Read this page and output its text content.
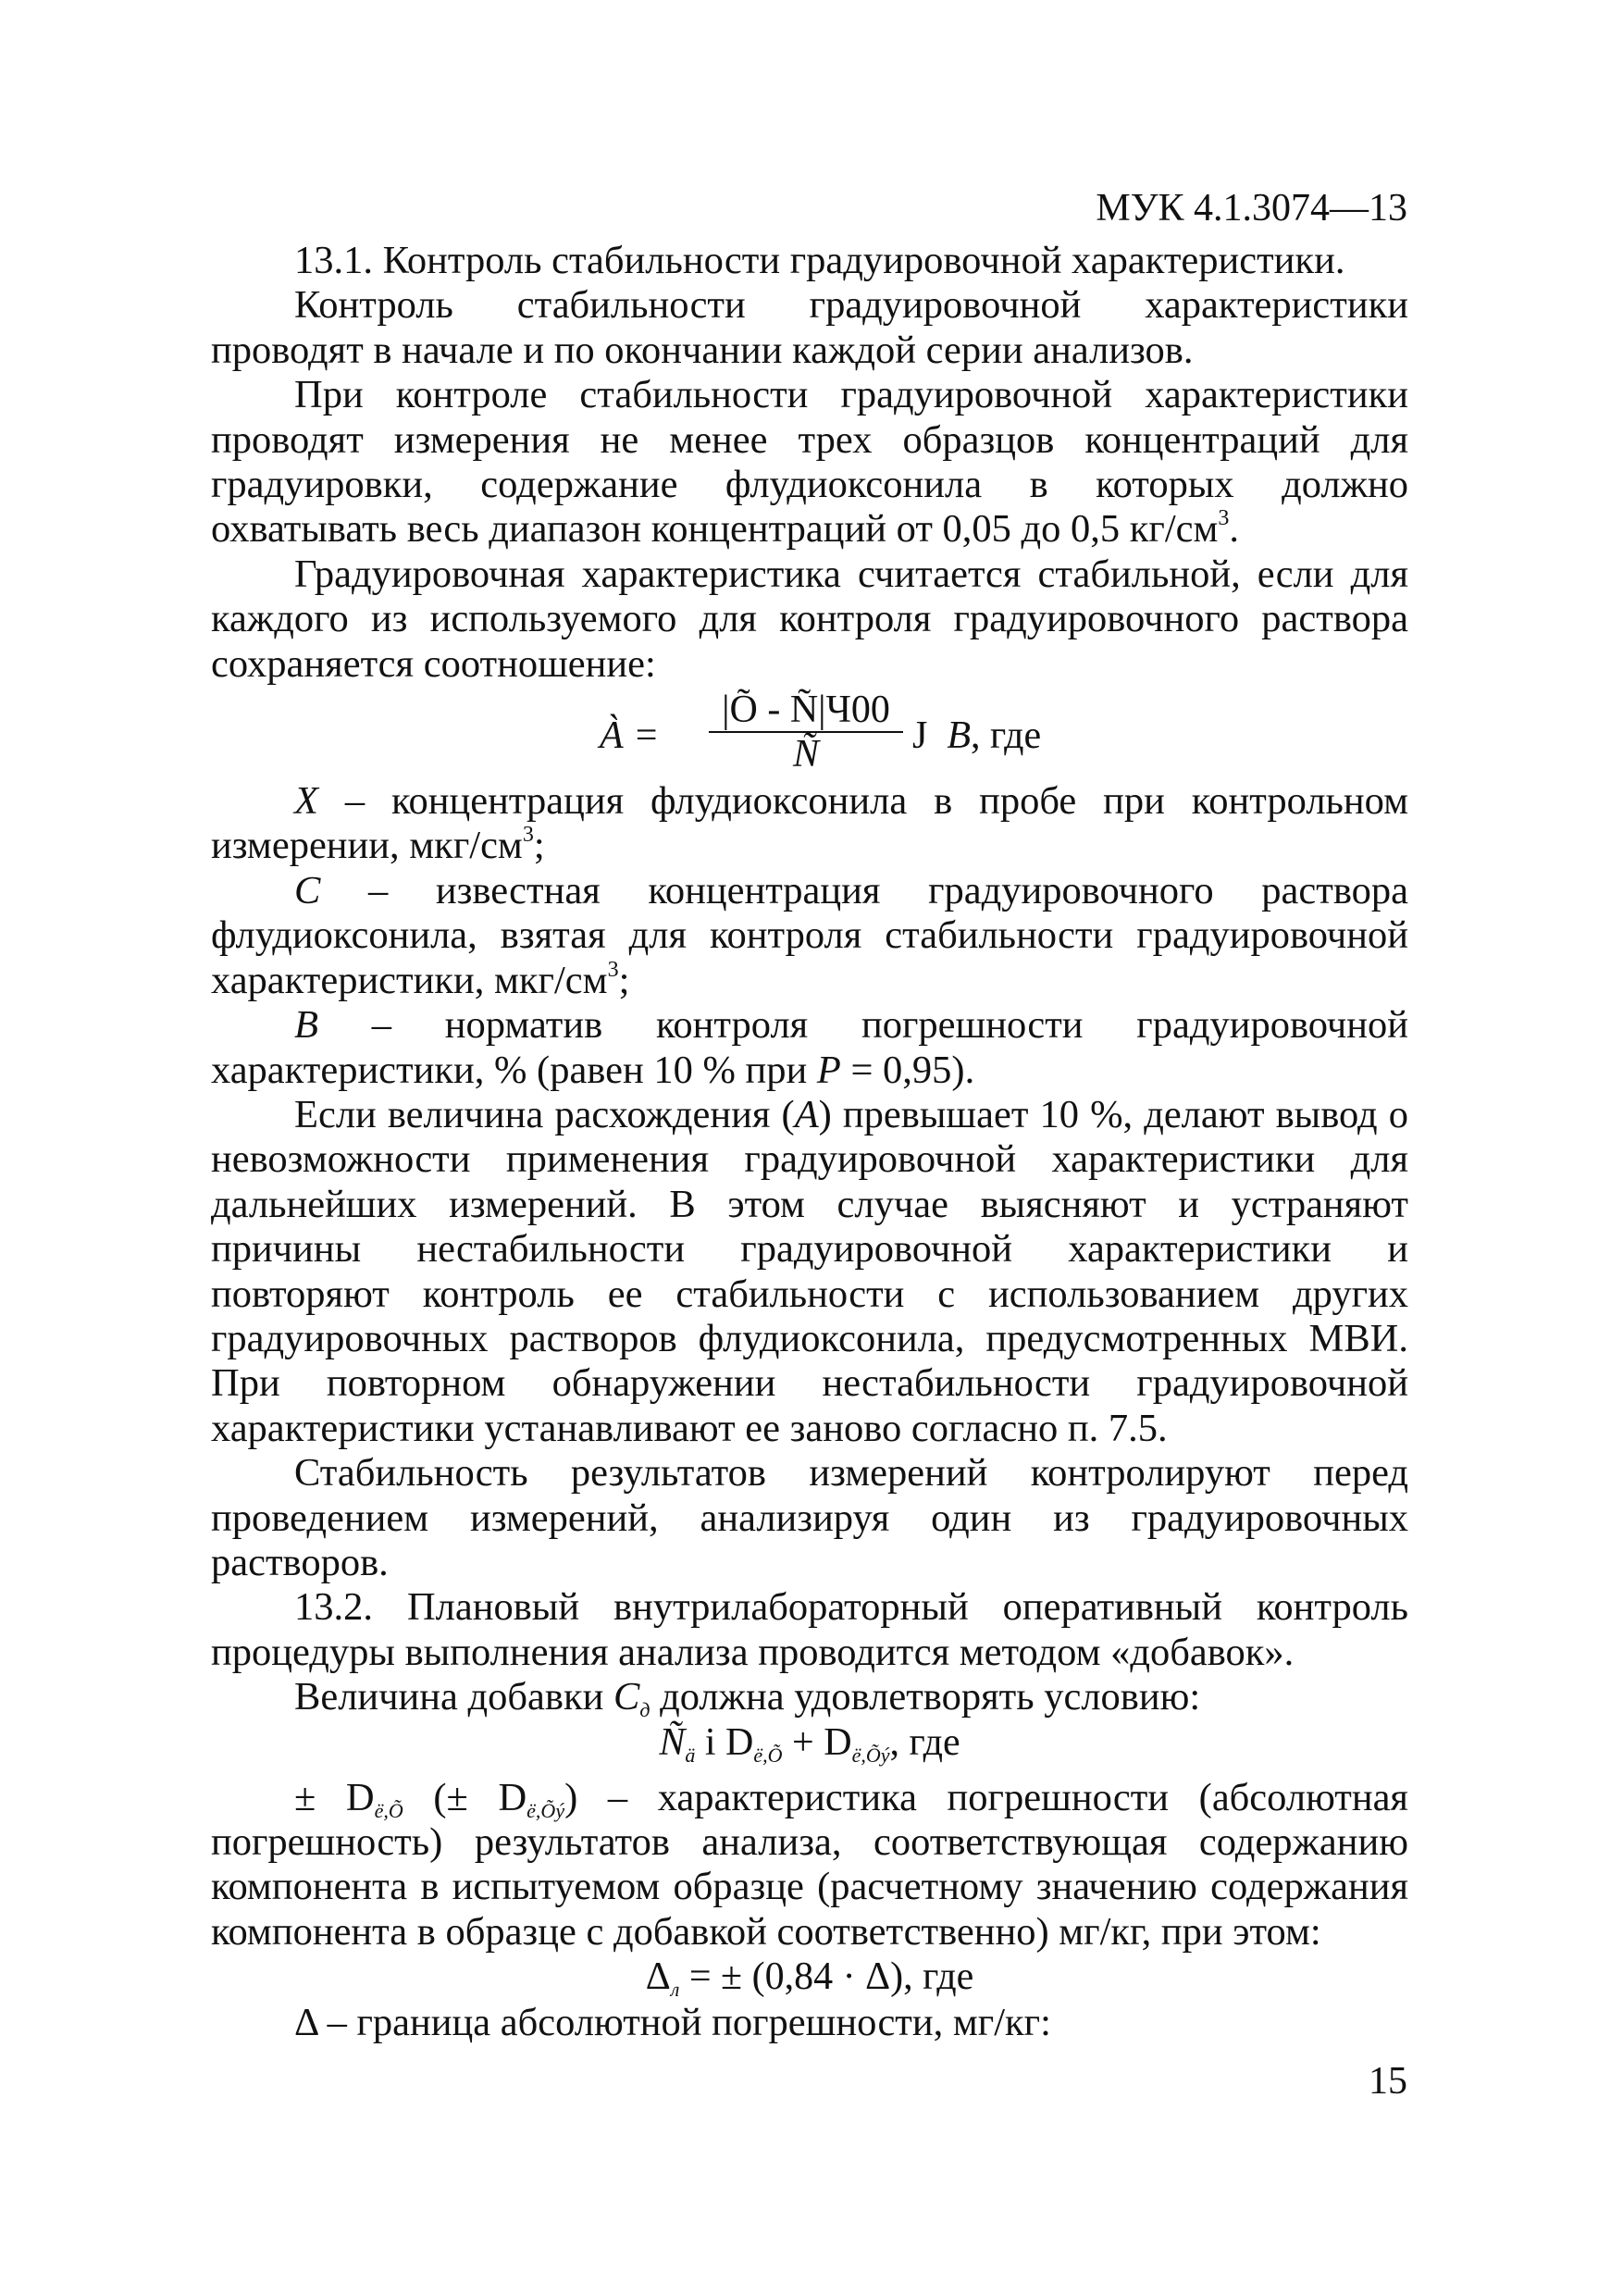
МУК 4.1.3074—13

13.1. Контроль стабильности градуировочной характеристики.

Контроль стабильности градуировочной характеристики проводят в начале и по окончании каждой серии анализов.

При контроле стабильности градуировочной характеристики проводят измерения не менее трех образцов концентраций для градуировки, содержание флудиоксонила в которых должно охватывать весь диапазон концентраций от 0,05 до 0,5 $кг/см^3$.

Градуировочная характеристика считается стабильной, если для каждого из используемого для контроля градуировочного раствора сохраняется соотношение:

À =
|Õ - Ñ|Ч00
Ñ	J B, где

X – концентрация флудиоксонила в пробе при контрольном измерении, мкг/$см^3$;

C – известная концентрация градуировочного раствора флудиоксонила, взятая для контроля стабильности градуировочной характеристики, мкг/$см^3$;

B – норматив контроля погрешности градуировочной характеристики, % (равен 10 % при P = 0,95).

Если величина расхождения (A) превышает 10 %, делают вывод о невозможности применения градуировочной характеристики для дальнейших измерений. В этом случае выясняют и устраняют причины нестабильности градуировочной характеристики и повторяют контроль ее стабильности с использованием других градуировочных растворов флудиоксонила, предусмотренных МВИ. При повторном обнаружении нестабильности градуировочной характеристики устанавливают ее заново согласно п. 7.5.

Стабильность результатов измерений контролируют перед проведением измерений, анализируя один из градуировочных растворов.

13.2. Плановый внутрилабораторный оперативный контроль процедуры выполнения анализа проводится методом «добавок».

Величина добавки Cд должна удовлетворять условию:

Ñä i Dë,Õ + Dë,Õý, где

± Dë,Õ (± Dë,Õý) – характеристика погрешности (абсолютная погрешность) результатов анализа, соответствующая содержанию компонента в испытуемом образце (расчетному значению содержания компонента в образце с добавкой соответственно) мг/кг, при этом:

Δл = ± (0,84 · Δ), где

Δ – граница абсолютной погрешности, мг/кг:

15
